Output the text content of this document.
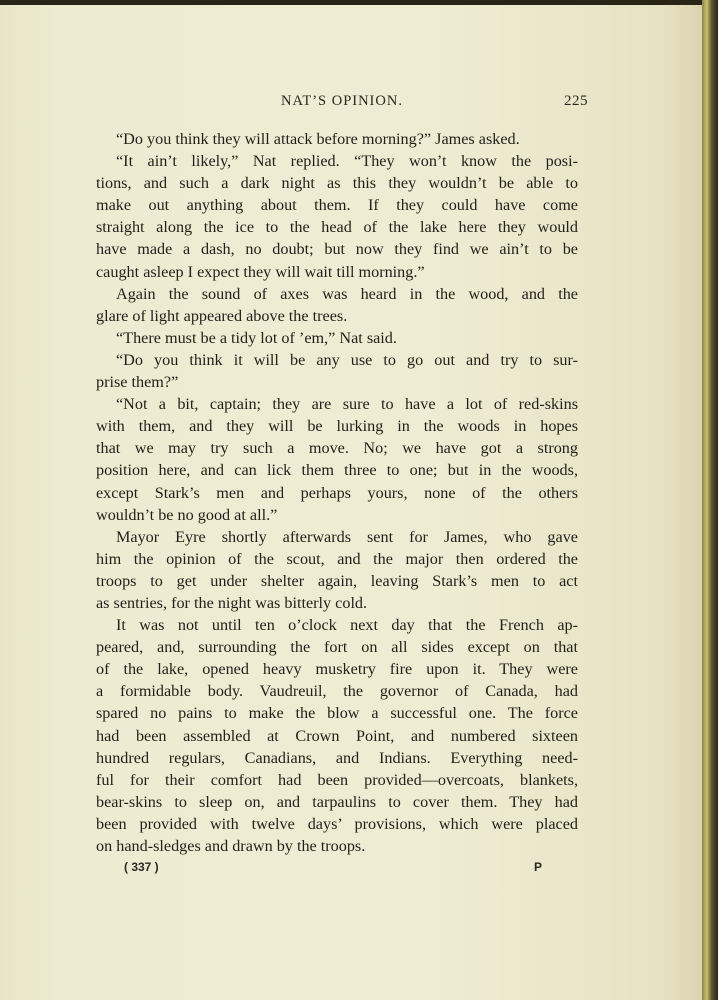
NAT’S OPINION.	225
“Do you think they will attack before morning?” James asked.
“It ain’t likely,” Nat replied. “They won’t know the posi-
tions, and such a dark night as this they wouldn’t be able to
make out anything about them. If they could have come
straight along the ice to the head of the lake here they would
have made a dash, no doubt; but now they find we ain’t to be
caught asleep I expect they will wait till morning.”
Again the sound of axes was heard in the wood, and the
glare of light appeared above the trees.
“There must be a tidy lot of ’em,” Nat said.
“Do you think it will be any use to go out and try to sur-
prise them?”
“Not a bit, captain; they are sure to have a lot of red-skins
with them, and they will be lurking in the woods in hopes
that we may try such a move. No; we have got a strong
position here, and can lick them three to one; but in the woods,
except Stark’s men and perhaps yours, none of the others
wouldn’t be no good at all.”
Mayor Eyre shortly afterwards sent for James, who gave
him the opinion of the scout, and the major then ordered the
troops to get under shelter again, leaving Stark’s men to act
as sentries, for the night was bitterly cold.
It was not until ten o’clock next day that the French ap-
peared, and, surrounding the fort on all sides except on that
of the lake, opened heavy musketry fire upon it. They were
a formidable body. Vaudreuil, the governor of Canada, had
spared no pains to make the blow a successful one. The force
had been assembled at Crown Point, and numbered sixteen
hundred regulars, Canadians, and Indians. Everything need-
ful for their comfort had been provided—overcoats, blankets,
bear-skins to sleep on, and tarpaulins to cover them. They had
been provided with twelve days’ provisions, which were placed
on hand-sledges and drawn by the troops.
( 337 )	P
